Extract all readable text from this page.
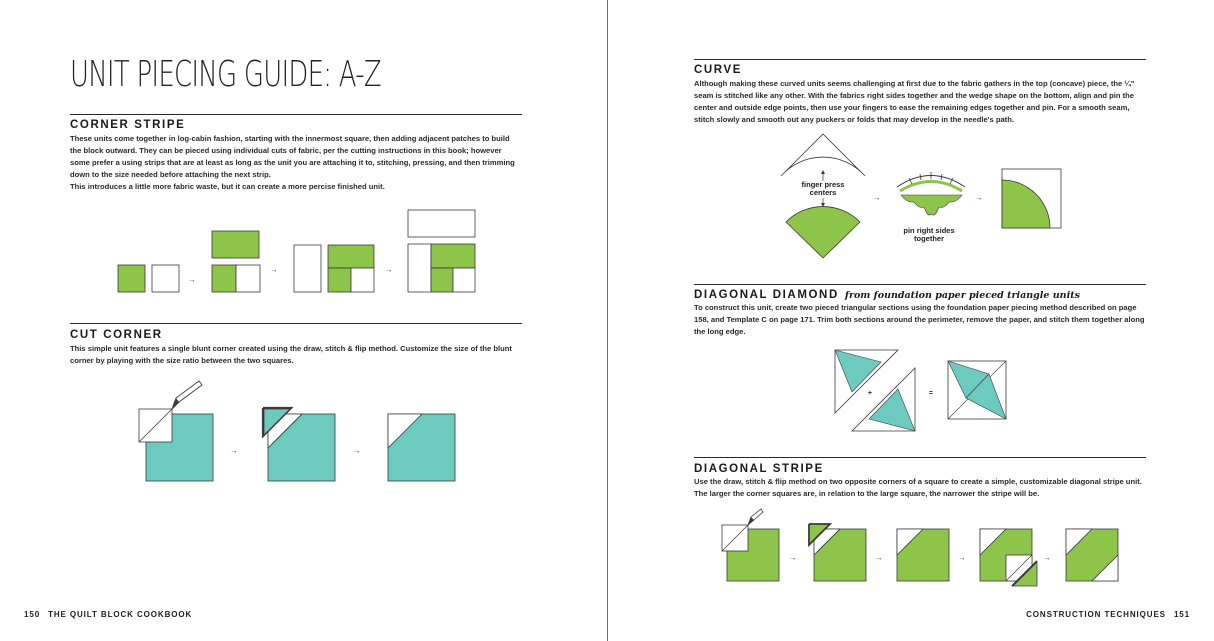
UNIT PIECING GUIDE: A-Z
CORNER STRIPE

These units come together in log-cabin fashion, starting with the innermost square, then adding adjacent patches to build the block outward. They can be pieced using individual cuts of fabric, per the cutting instructions in this book; however some prefer a using strips that are at least as long as the unit you are attaching it to, stitching, pressing, and then trimming down to the size needed before attaching the next strip.

This introduces a little more fabric waste, but it can create a more percise finished unit.

→
→	→
CUT CORNER

This simple unit features a single blunt corner created using the draw, stitch & flip method. Customize the size of the blunt corner by playing with the size ratio between the two squares.

→	→
150 THE QUILT BLOCK COOKBOOK
CURVE

Although making these curved units seems challenging at first due to the fabric gathers in the top (concave) piece, the ¼" seam is stitched like any other. With the fabrics right sides together and the wedge shape on the bottom, align and pin the center and outside edge points, then use your fingers to ease the remaining edges together and pin. For a smooth seam, stitch slowly and smooth out any puckers or folds that may develop in the needle's path.

finger press
centers
→
pin right sides
together
→
DIAGONAL DIAMOND from foundation paper pieced triangle units

To construct this unit, create two pieced triangular sections using the foundation paper piecing method described on page 158, and Template C on page 171. Trim both sections around the perimeter, remove the paper, and stitch them together along the long edge.

+	=
DIAGONAL STRIPE

Use the draw, stitch & flip method on two opposite corners of a square to create a simple, customizable diagonal stripe unit. The larger the corner squares are, in relation to the large square, the narrower the stripe will be.

→	→	→	→
CONSTRUCTION TECHNIQUES 151
